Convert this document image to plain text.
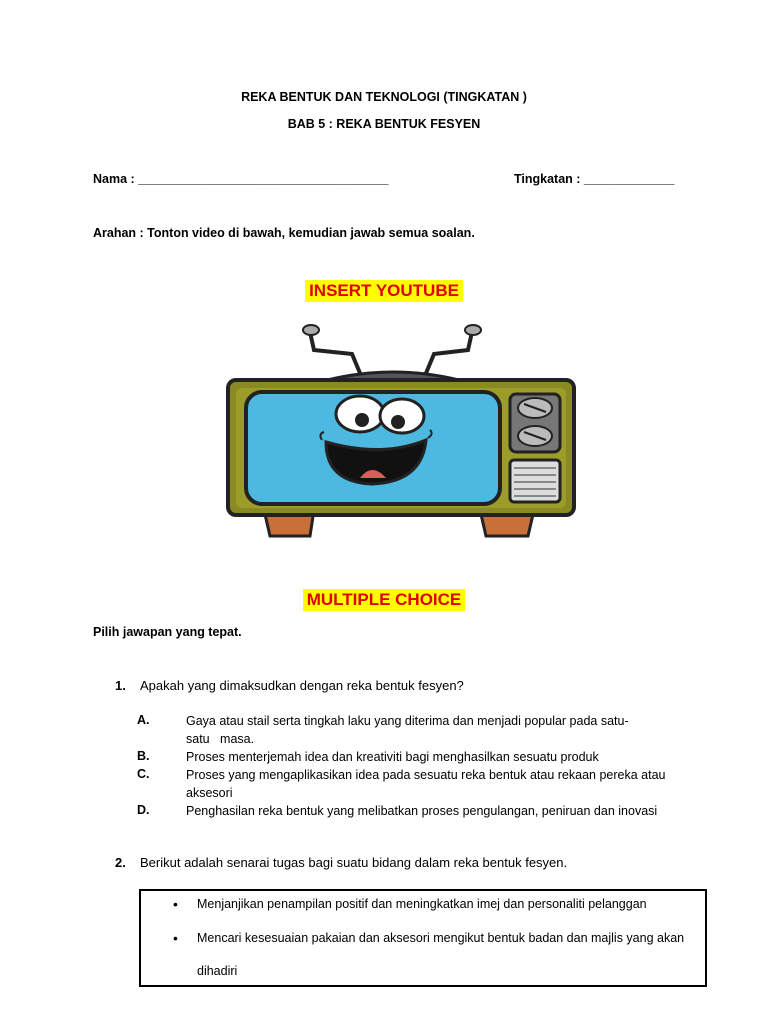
REKA BENTUK DAN TEKNOLOGI (TINGKATAN )
BAB 5 : REKA BENTUK FESYEN
Nama : ____________________________________	Tingkatan : _____________
Arahan : Tonton video di bawah, kemudian jawab semua soalan.
INSERT YOUTUBE
MULTIPLE CHOICE
Pilih jawapan yang tepat.
1. Apakah yang dimaksudkan dengan reka bentuk fesyen?
A.	Gaya atau stail serta tingkah laku yang diterima dan menjadi popular pada satu-satu   masa.
B.	Proses menterjemah idea dan kreativiti bagi menghasilkan sesuatu produk
C.	Proses yang mengaplikasikan idea pada sesuatu reka bentuk atau rekaan pereka atau aksesori
D.	Penghasilan reka bentuk yang melibatkan proses pengulangan, peniruan dan inovasi
2. Berikut adalah senarai tugas bagi suatu bidang dalam reka bentuk fesyen.
• Menjanjikan penampilan positif dan meningkatkan imej dan personaliti pelanggan
• Mencari kesesuaian pakaian dan aksesori mengikut bentuk badan dan majlis yang akan dihadiri
